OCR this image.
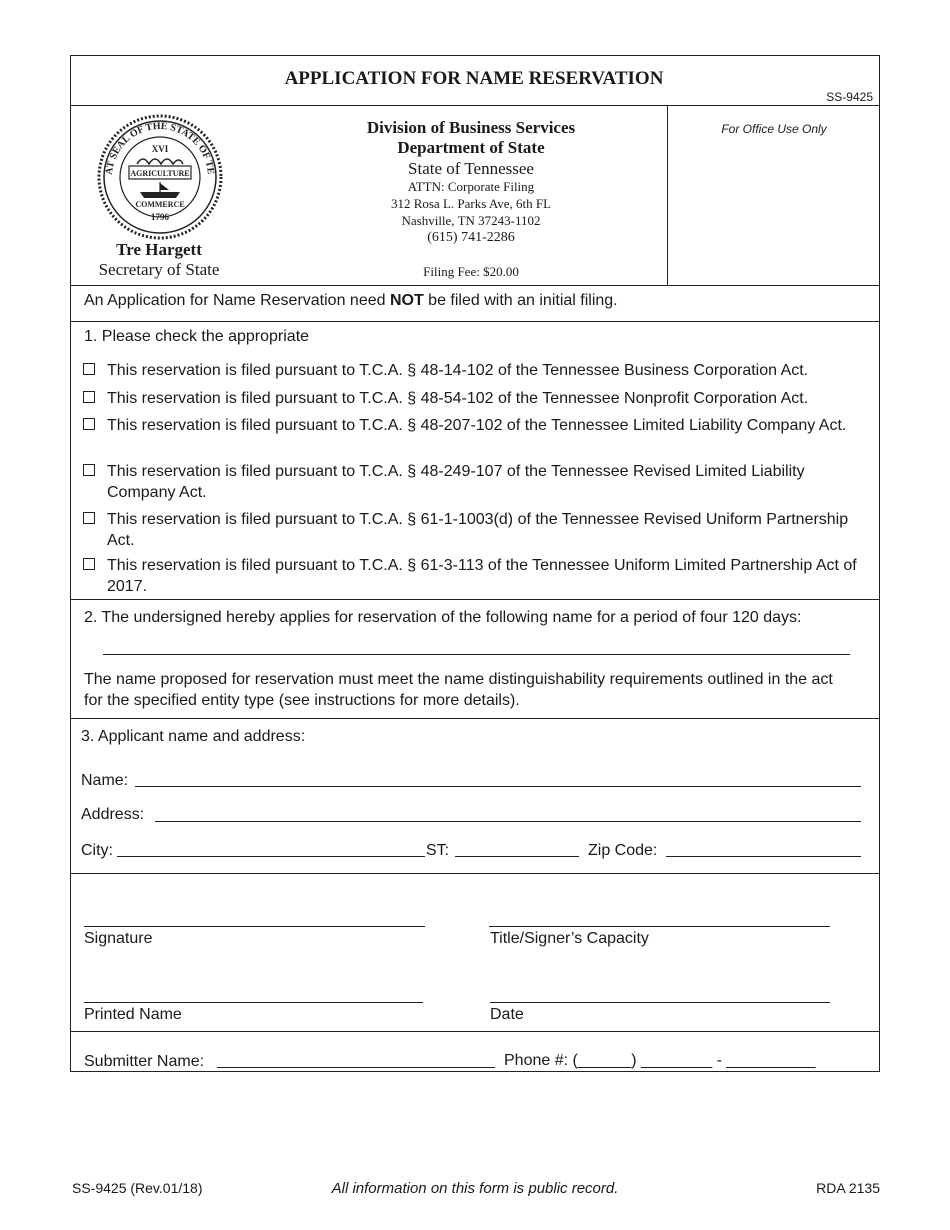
APPLICATION FOR NAME RESERVATION
SS-9425
AT SEAL OF THE STATE OF TE
XVI
AGRICULTURE
COMMERCE
1796
Tre Hargett
Secretary of State
Division of Business Services
Department of State
State of Tennessee
ATTN: Corporate Filing
312 Rosa L. Parks Ave, 6th FL
Nashville, TN 37243-1102
(615) 741-2286
Filing Fee: $20.00
For Office Use Only
An Application for Name Reservation need NOT be filed with an initial filing.
1. Please check the appropriate
This reservation is filed pursuant to T.C.A. § 48-14-102 of the Tennessee Business Corporation Act.
This reservation is filed pursuant to T.C.A. § 48-54-102 of the Tennessee Nonprofit Corporation Act.
This reservation is filed pursuant to T.C.A. § 48-207-102 of the Tennessee Limited Liability Company Act.
This reservation is filed pursuant to T.C.A. § 48-249-107 of the Tennessee Revised Limited Liability Company Act.
This reservation is filed pursuant to T.C.A. § 61-1-1003(d) of the Tennessee Revised Uniform Partnership Act.
This reservation is filed pursuant to T.C.A. § 61-3-113 of the Tennessee Uniform Limited Partnership Act of 2017.
2. The undersigned hereby applies for reservation of the following name for a period of four 120 days:
The name proposed for reservation must meet the name distinguishability requirements outlined in the act for the specified entity type (see instructions for more details).
3. Applicant name and address:
Name:
Address:
City:	ST:	Zip Code:
Signature	Title/Signer’s Capacity
Printed Name	Date
Submitter Name:	Phone #: (______) ________ - __________
SS-9425 (Rev.01/18)	All information on this form is public record.	RDA 2135
